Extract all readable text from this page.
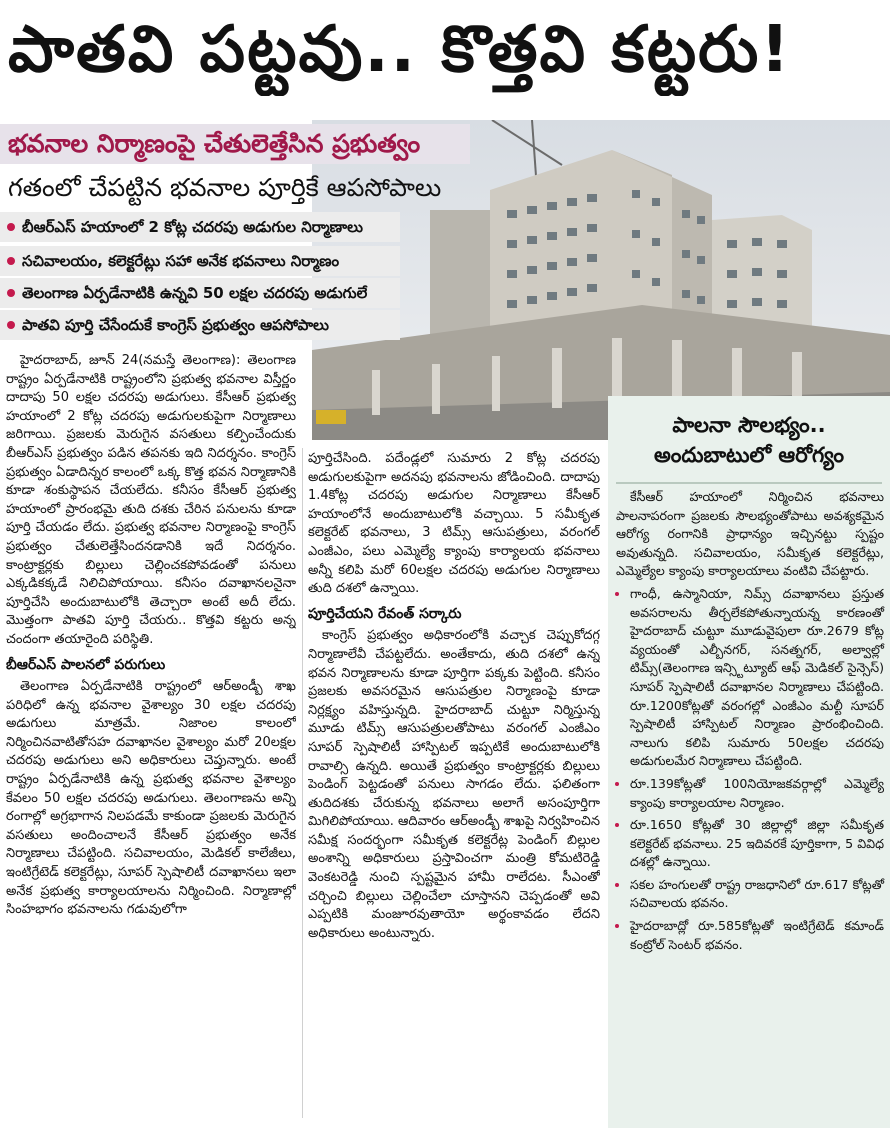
పాతవి పట్టవు.. కొత్తవి కట్టరు!
భవనాల నిర్మాణంపై చేతులెత్తేసిన ప్రభుత్వం
గతంలో చేపట్టిన భవనాల పూర్తికే ఆపసోపాలు
బీఆర్ఎస్ హయాంలో 2 కోట్ల చదరపు అడుగుల నిర్మాణాలు
సచివాలయం, కలెక్టరేట్లు సహా అనేక భవనాలు నిర్మాణం
తెలంగాణ ఏర్పడేనాటికి ఉన్నవి 50 లక్షల చదరపు అడుగులే
పాతవి పూర్తి చేసేందుకే కాంగ్రెస్ ప్రభుత్వం ఆపసోపాలు

హైదరాబాద్, జూన్ 24(నమస్తే తెలంగాణ): తెలంగాణ రాష్ట్రం ఏర్పడేనాటికి రాష్ట్రంలోని ప్రభుత్వ భవనాల విస్తీర్ణం దాదాపు 50 లక్షల చదరపు అడుగులు. కేసీఆర్ ప్రభుత్వ హయాంలో 2 కోట్ల చదరపు అడుగులకుపైగా నిర్మాణాలు జరిగాయి. ప్రజలకు మెరుగైన వసతులు కల్పించేందుకు బీఆర్ఎస్ ప్రభుత్వం పడిన తపనకు ఇది నిదర్శనం. కాంగ్రెస్ ప్రభుత్వం ఏడాదిన్నర కాలంలో ఒక్క కొత్త భవన నిర్మాణానికి కూడా శంకుస్థాపన చేయలేదు. కనీసం కేసీఆర్ ప్రభుత్వ హయాంలో ప్రారంభమై తుది దశకు చేరిన పనులను కూడా పూర్తి చేయడం లేదు. ప్రభుత్వ భవనాల నిర్మాణంపై కాంగ్రెస్ ప్రభుత్వం చేతులెత్తేసిందనడానికి ఇదే నిదర్శనం. కాంట్రాక్టర్లకు బిల్లులు చెల్లించకపోవడంతో పనులు ఎక్కడికక్కడే నిలిచిపోయాయి. కనీసం దవాఖానలనైనా పూర్తిచేసి అందుబాటులోకి తెచ్చారా అంటే అదీ లేదు. మొత్తంగా పాతవి పూర్తి చేయరు.. కొత్తవి కట్టరు అన్న చందంగా తయారైంది పరిస్థితి.

బీఆర్ఎస్ పాలనలో పరుగులు

తెలంగాణ ఏర్పడేనాటికి రాష్ట్రంలో ఆర్అండ్బీ శాఖ పరిధిలో ఉన్న భవనాల వైశాల్యం 30 లక్షల చదరపు అడుగులు మాత్రమే. నిజాంల కాలంలో నిర్మించినవాటితోసహ దవాఖానల వైశాల్యం మరో 20లక్షల చదరపు అడుగులు అని అధికారులు చెప్తున్నారు. అంటే రాష్ట్రం ఏర్పడేనాటికి ఉన్న ప్రభుత్వ భవనాల వైశాల్యం కేవలం 50 లక్షల చదరపు అడుగులు. తెలంగాణను అన్ని రంగాల్లో అగ్రభాగాన నిలపడమే కాకుండా ప్రజలకు మెరుగైన వసతులు అందించాలనే కేసీఆర్ ప్రభుత్వం అనేక నిర్మాణాలు చేపట్టింది. సచివాలయం, మెడికల్ కాలేజీలు, ఇంటిగ్రేటెడ్ కలెక్టరేట్లు, సూపర్ స్పెషాలిటీ దవాఖానలు ఇలా అనేక ప్రభుత్వ కార్యాలయాలను నిర్మించింది. నిర్మాణాల్లో సింహభాగం భవనాలను గడువులోగా

పూర్తిచేసింది. పదేండ్లలో సుమారు 2 కోట్ల చదరపు అడుగులకుపైగా అదనపు భవనాలను జోడించింది. దాదాపు 1.4కోట్ల చదరపు అడుగుల నిర్మాణాలు కేసీఆర్ హయాంలోనే అందుబాటులోకి వచ్చాయి. 5 సమీకృత కలెక్టరేట్ భవనాలు, 3 టిమ్స్ ఆసుపత్రులు, వరంగల్ ఎంజీఎం, పలు ఎమ్మెల్యే క్యాంపు కార్యాలయ భవనాలు అన్నీ కలిపి మరో 60లక్షల చదరపు అడుగుల నిర్మాణాలు తుది దశలో ఉన్నాయి.

పూర్తిచేయని రేవంత్ సర్కారు

కాంగ్రెస్ ప్రభుత్వం అధికారంలోకి వచ్చాక చెప్పుకోదగ్గ నిర్మాణాలేవీ చేపట్టలేదు. అంతేకాదు, తుది దశలో ఉన్న భవన నిర్మాణాలను కూడా పూర్తిగా పక్కకు పెట్టింది. కనీసం ప్రజలకు అవసరమైన ఆసుపత్రుల నిర్మాణంపై కూడా నిర్లక్ష్యం వహిస్తున్నది. హైదరాబాద్ చుట్టూ నిర్మిస్తున్న మూడు టిమ్స్ ఆసుపత్రులతోపాటు వరంగల్ ఎంజీఎం సూపర్ స్పెషాలిటీ హాస్పిటల్ ఇప్పటికే అందుబాటులోకి రావాల్సి ఉన్నది. అయితే ప్రభుత్వం కాంట్రాక్టర్లకు బిల్లులు పెండింగ్ పెట్టడంతో పనులు సాగడం లేదు. ఫలితంగా తుదిదశకు చేరుకున్న భవనాలు అలాగే అసంపూర్తిగా మిగిలిపోయాయి. ఆదివారం ఆర్అండ్బీ శాఖపై నిర్వహించిన సమీక్ష సందర్భంగా సమీకృత కలెక్టరేట్ల పెండింగ్ బిల్లుల అంశాన్ని అధికారులు ప్రస్తావించగా మంత్రి కోమటిరెడ్డి వెంకటరెడ్డి నుంచి స్పష్టమైన హామీ రాలేదట. సీఎంతో చర్చించి బిల్లులు చెల్లించేలా చూస్తానని చెప్పడంతో అవి ఎప్పటికి మంజూరవుతాయో అర్థంకావడం లేదని అధికారులు అంటున్నారు.

పాలనా సౌలభ్యం..
అందుబాటులో ఆరోగ్యం

కేసీఆర్ హయాంలో నిర్మించిన భవనాలు పాలనాపరంగా ప్రజలకు సౌలభ్యంతోపాటు అవశ్యకమైన ఆరోగ్య రంగానికి ప్రాధాన్యం ఇచ్చినట్టు స్పష్టం అవుతున్నది. సచివాలయం, సమీకృత కలెక్టరేట్లు, ఎమ్మెల్యేల క్యాంపు కార్యాలయాలు వంటివి చేపట్టారు.

• గాంధీ, ఉస్మానియా, నిమ్స్ దవాఖానలు ప్రస్తుత అవసరాలను తీర్చలేకపోతున్నాయన్న కారణంతో హైదరాబాద్ చుట్టూ మూడువైపులా రూ.2679 కోట్ల వ్యయంతో ఎల్బీనగర్, సనత్నగర్, అల్వాల్లో టిమ్స్(తెలంగాణ ఇన్స్టిట్యూట్ ఆఫ్ మెడికల్ సైన్సెస్) సూపర్ స్పెషాలిటీ దవాఖానల నిర్మాణాలు చేపట్టింది. రూ.1200కోట్లతో వరంగల్లో ఎంజీఎం మల్టీ సూపర్ స్పెషాలిటీ హాస్పిటల్ నిర్మాణం ప్రారంభించింది. నాలుగు కలిపి సుమారు 50లక్షల చదరపు అడుగులమేర నిర్మాణాలు చేపట్టింది.
• రూ.139కోట్లతో 100నియోజకవర్గాల్లో ఎమ్మెల్యే క్యాంపు కార్యాలయాల నిర్మాణం.
• రూ.1650 కోట్లతో 30 జిల్లాల్లో జిల్లా సమీకృత కలెక్టరేట్ భవనాలు. 25 ఇదివరకే పూర్తికాగా, 5 వివిధ దశల్లో ఉన్నాయి.
• సకల హంగులతో రాష్ట్ర రాజధానిలో రూ.617 కోట్లతో సచివాలయ భవనం.
• హైదరాబాద్లో రూ.585కోట్లతో ఇంటిగ్రేటెడ్ కమాండ్ కంట్రోల్ సెంటర్ భవనం.
